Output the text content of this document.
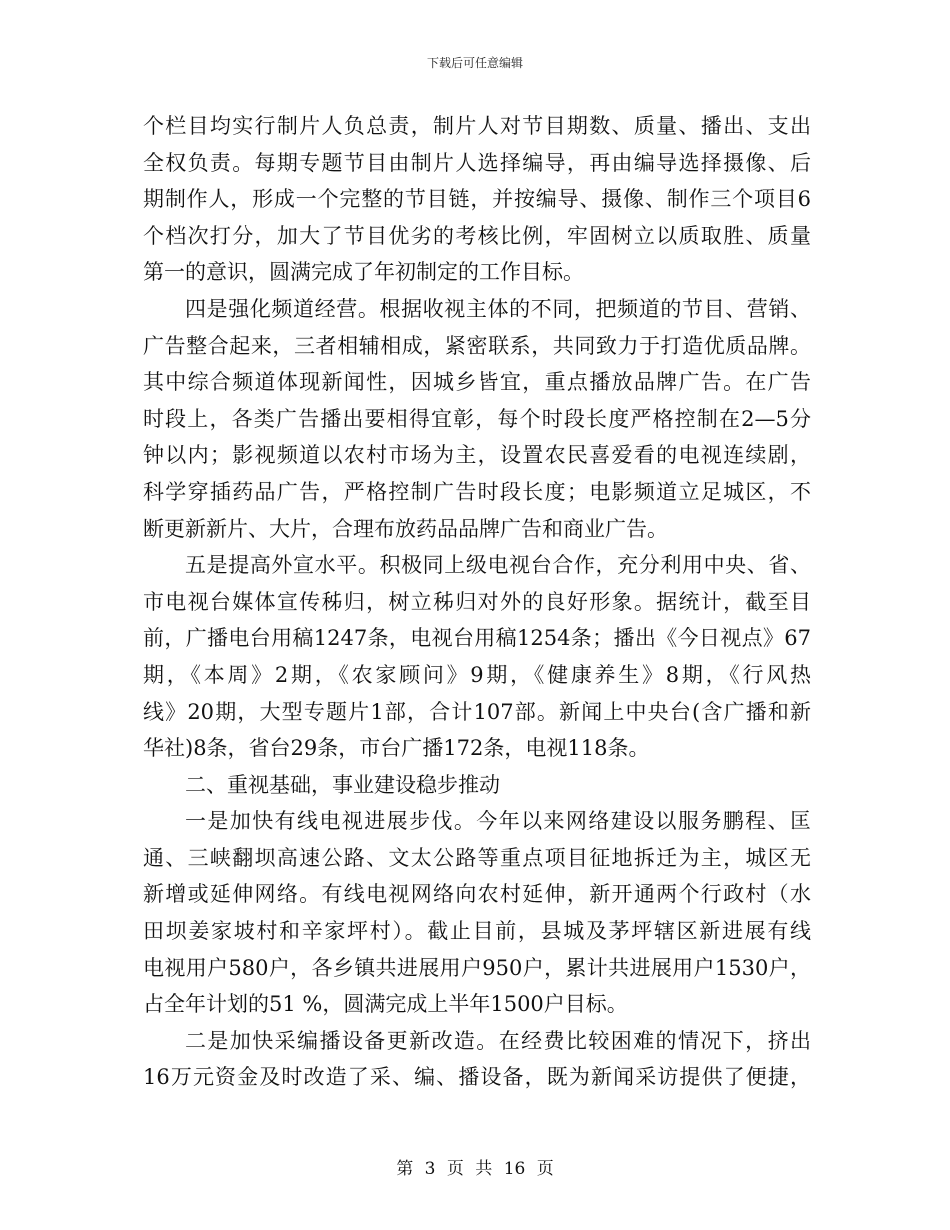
下载后可任意编辑
个栏目均实行制片人负总责，制片人对节目期数、质量、播出、支出
全权负责。每期专题节目由制片人选择编导，再由编导选择摄像、后
期制作人，形成一个完整的节目链，并按编导、摄像、制作三个项目6
个档次打分，加大了节目优劣的考核比例，牢固树立以质取胜、质量
第一的意识，圆满完成了年初制定的工作目标。
四是强化频道经营。根据收视主体的不同，把频道的节目、营销、
广告整合起来，三者相辅相成，紧密联系，共同致力于打造优质品牌。
其中综合频道体现新闻性，因城乡皆宜，重点播放品牌广告。在广告
时段上，各类广告播出要相得宜彰，每个时段长度严格控制在2—5分
钟以内；影视频道以农村市场为主，设置农民喜爱看的电视连续剧，
科学穿插药品广告，严格控制广告时段长度；电影频道立足城区，不
断更新新片、大片，合理布放药品品牌广告和商业广告。
五是提高外宣水平。积极同上级电视台合作，充分利用中央、省、
市电视台媒体宣传秭归，树立秭归对外的良好形象。据统计，截至目
前，广播电台用稿1247条，电视台用稿1254条；播出《今日视点》67
期，《本周》2期，《农家顾问》9期，《健康养生》8期，《行风热
线》20期，大型专题片1部，合计107部。新闻上中央台(含广播和新
华社)8条，省台29条，市台广播172条，电视118条。
二、重视基础，事业建设稳步推动
一是加快有线电视进展步伐。今年以来网络建设以服务鹏程、匡
通、三峡翻坝高速公路、文太公路等重点项目征地拆迁为主，城区无
新增或延伸网络。有线电视网络向农村延伸，新开通两个行政村（水
田坝姜家坡村和辛家坪村）。截止目前，县城及茅坪辖区新进展有线
电视用户580户，各乡镇共进展用户950户，累计共进展用户1530户，
占全年计划的51 %，圆满完成上半年1500户目标。
二是加快采编播设备更新改造。在经费比较困难的情况下，挤出
16万元资金及时改造了采、编、播设备，既为新闻采访提供了便捷，
第 3 页 共 16 页
